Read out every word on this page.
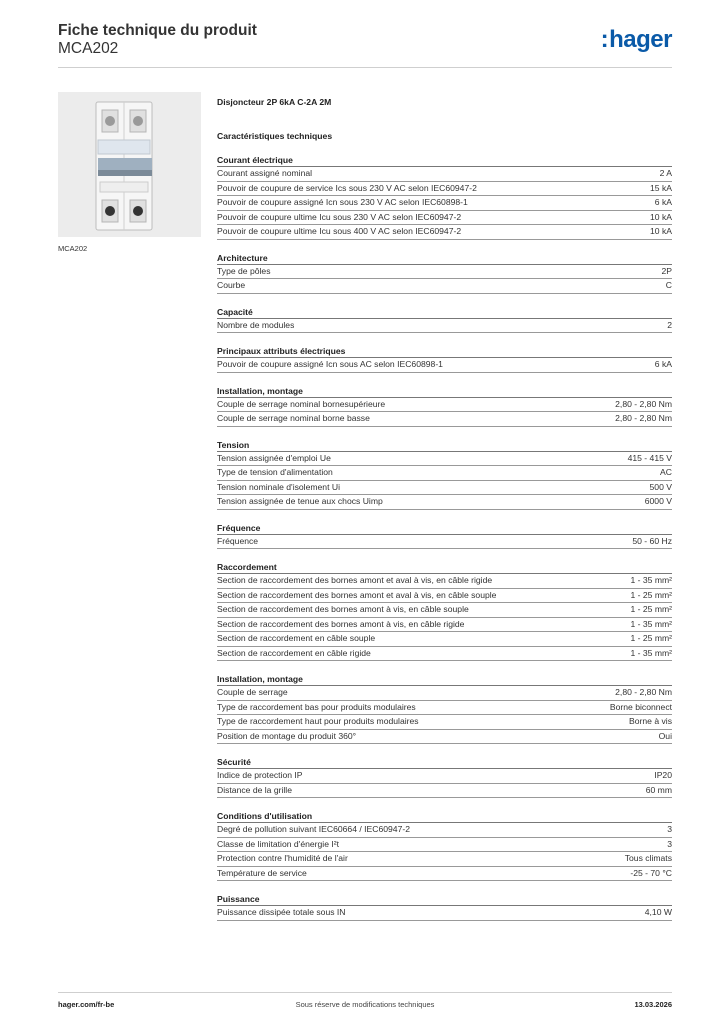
Fiche technique du produit
MCA202	:hager
MCA202
Disjoncteur 2P 6kA C-2A 2M
Caractéristiques techniques
Courant électrique
Courant assigné nominal	2 A
Pouvoir de coupure de service Ics sous 230 V AC selon IEC60947-2	15 kA
Pouvoir de coupure assigné Icn sous 230 V AC selon IEC60898-1	6 kA
Pouvoir de coupure ultime Icu sous 230 V AC selon IEC60947-2	10 kA
Pouvoir de coupure ultime Icu sous 400 V AC selon IEC60947-2	10 kA
Architecture
Type de pôles	2P
Courbe	C
Capacité
Nombre de modules	2
Principaux attributs électriques
Pouvoir de coupure assigné Icn sous AC selon IEC60898-1	6 kA
Installation, montage
Couple de serrage nominal bornesupérieure	2,80 - 2,80 Nm
Couple de serrage nominal borne basse	2,80 - 2,80 Nm
Tension
Tension assignée d'emploi Ue	415 - 415 V
Type de tension d'alimentation	AC
Tension nominale d'isolement Ui	500 V
Tension assignée de tenue aux chocs Uimp	6000 V
Fréquence
Fréquence	50 - 60 Hz
Raccordement
Section de raccordement des bornes amont et aval à vis, en câble rigide	1 - 35 mm²
Section de raccordement des bornes amont et aval à vis, en câble souple	1 - 25 mm²
Section de raccordement des bornes amont à vis, en câble souple	1 - 25 mm²
Section de raccordement des bornes amont à vis, en câble rigide	1 - 35 mm²
Section de raccordement en câble souple	1 - 25 mm²
Section de raccordement en câble rigide	1 - 35 mm²
Installation, montage
Couple de serrage	2,80 - 2,80 Nm
Type de raccordement bas pour produits modulaires	Borne biconnect
Type de raccordement haut pour produits modulaires	Borne à vis
Position de montage du produit 360°	Oui
Sécurité
Indice de protection IP	IP20
Distance de la grille	60 mm
Conditions d'utilisation
Degré de pollution suivant IEC60664 / IEC60947-2	3
Classe de limitation d'énergie I²t	3
Protection contre l'humidité de l'air	Tous climats
Température de service	-25 - 70 °C
Puissance
Puissance dissipée totale sous IN	4,10 W
hager.com/fr-be	Sous réserve de modifications techniques	13.03.2026
